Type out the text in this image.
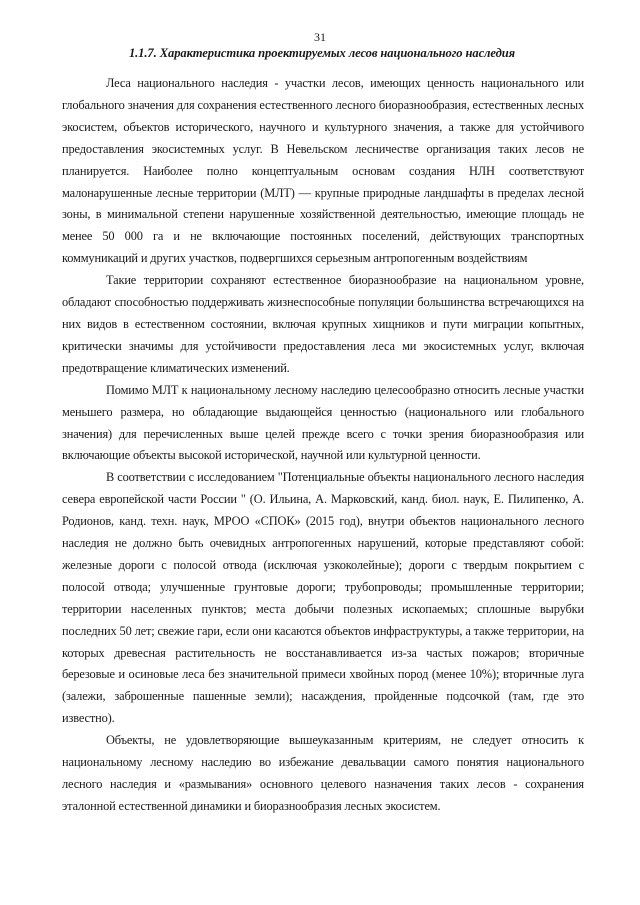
31
1.1.7. Характеристика проектируемых лесов национального наследия

Леса национального наследия - участки лесов, имеющих ценность национального или глобального значения для сохранения естественного лесного биоразнообразия, естественных лесных экосистем, объектов исторического, научного и культурного значения, а также для устойчивого предоставления экосистемных услуг. В Невельском лесничестве организация таких лесов не планируется. Наиболее полно концептуальным основам создания НЛН соответствуют малонарушенные лесные территории (МЛТ) — крупные природные ландшафты в пределах лесной зоны, в минимальной степени нарушенные хозяйственной деятельностью, имеющие площадь не менее 50 000 га и не включающие постоянных поселений, действующих транспортных коммуникаций и других участков, подвергшихся серьезным антропогенным воздействиям

Такие территории сохраняют естественное биоразнообразие на национальном уровне, обладают способностью поддерживать жизнеспособные популяции большинства встречающихся на них видов в естественном состоянии, включая крупных хищников и пути миграции копытных, критически значимы для устойчивости предоставления леса ми экосистемных услуг, включая предотвращение климатических изменений.

Помимо МЛТ к национальному лесному наследию целесообразно относить лесные участки меньшего размера, но обладающие выдающейся ценностью (национального или глобального значения) для перечисленных выше целей прежде всего с точки зрения биоразнообразия или включающие объекты высокой исторической, научной или культурной ценности.

В соответствии с исследованием "Потенциальные объекты национального лесного наследия севера европейской части России " (О. Ильина, А. Марковский, канд. биол. наук, Е. Пилипенко, А. Родионов, канд. техн. наук, МРОО «СПОК» (2015 год), внутри объектов национального лесного наследия не должно быть очевидных антропогенных нарушений, которые представляют собой: железные дороги с полосой отвода (исключая узкоколейные); дороги с твердым покрытием с полосой отвода; улучшенные грунтовые дороги; трубопроводы; промышленные территории; территории населенных пунктов; места добычи полезных ископаемых; сплошные вырубки последних 50 лет; свежие гари, если они касаются объектов инфраструктуры, а также территории, на которых древесная растительность не восстанавливается из-за частых пожаров; вторичные березовые и осиновые леса без значительной примеси хвойных пород (менее 10%); вторичные луга (залежи, заброшенные пашенные земли); насаждения, пройденные подсочкой (там, где это известно).

Объекты, не удовлетворяющие вышеуказанным критериям, не следует относить к национальному лесному наследию во избежание девальвации самого понятия национального лесного наследия и «размывания» основного целевого назначения таких лесов - сохранения эталонной естественной динамики и биоразнообразия лесных экосистем.
